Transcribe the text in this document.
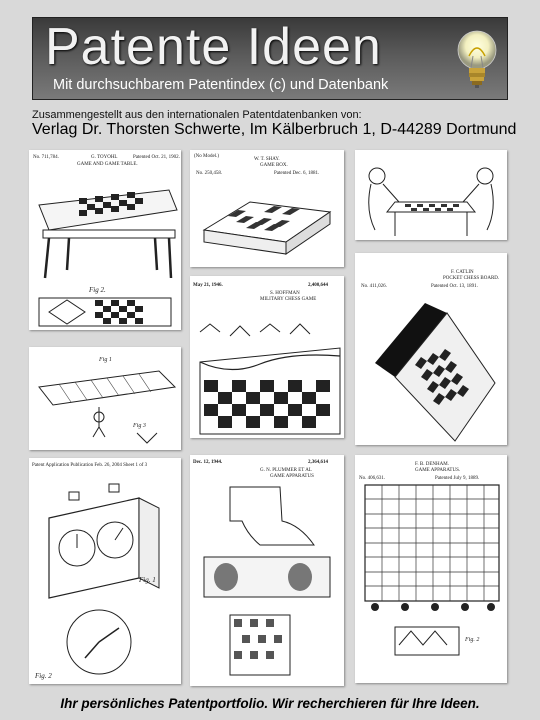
Patente Ideen
Mit durchsuchbarem Patentindex (c) und Datenbank
Zusammengestellt aus den internationalen Patentdatenbanken von:
Verlag Dr. Thorsten Schwerte, Im Kälberbruch 1, D-44289 Dortmund
No. 711,784.	G. TOYOHL	Patented Oct. 21, 1902.
GAME AND GAME TABLE.
Fig 2.
(No Model.)
W. T. SHAY.
GAME BOX.
No. 250,458.	Patented Dec. 6, 1881.
May 21, 1946.	2,400,644
S. HOFFMAN
MILITARY CHESS GAME
F. CATLIN
POCKET CHESS BOARD.
No. 411,026.	Patented Oct. 13, 1891.
Fig 1
Fig 3
Patent Application Publication Feb. 26, 2004 Sheet 1 of 3
Fig. 1
Fig. 2
Dec. 12, 1944.	2,364,614
G. N. PLUMMER ET AL
GAME APPARATUS
F. B. DENHAM.
GAME APPARATUS.
No. 406,631.	Patented July 9, 1889.
Fig. 2
Ihr persönliches Patentportfolio. Wir recherchieren für Ihre Ideen.
